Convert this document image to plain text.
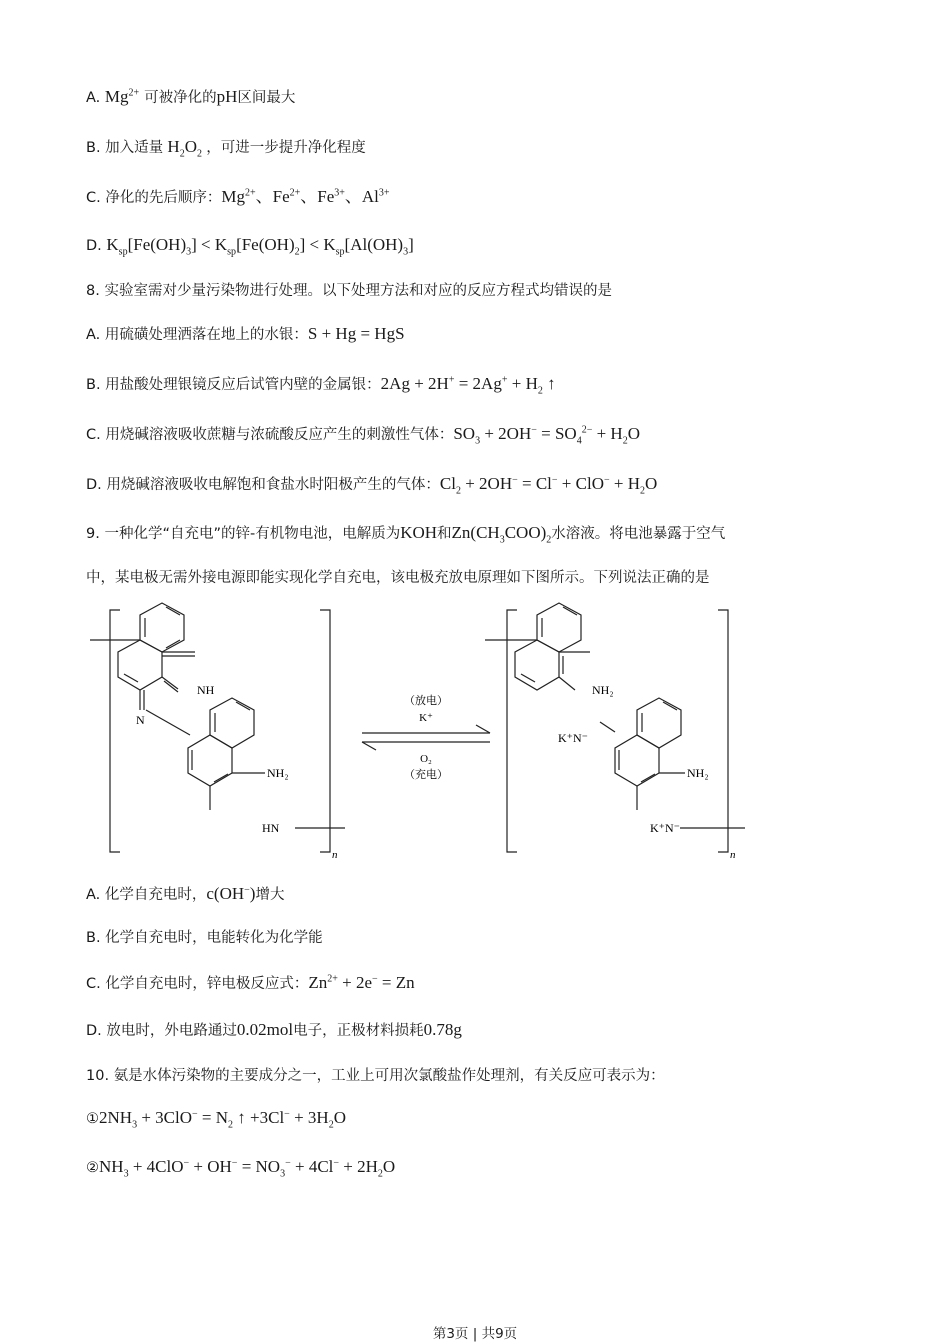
A. $Mg^{2+}$ 可被净化的pH区间最大
B. 加入适量 $H_2O_2$ ，可进一步提升净化程度
C. 净化的先后顺序：$Mg^{2+}$、$Fe^{2+}$、$Fe^{3+}$、$Al^{3+}$
D. $K_{sp}[Fe(OH)_3] < K_{sp}[Fe(OH)_2] < K_{sp}[Al(OH)_3]$
8. 实验室需对少量污染物进行处理。以下处理方法和对应的反应方程式均错误的是
A. 用硫磺处理洒落在地上的水银：S + Hg = HgS
B. 用盐酸处理银镜反应后试管内壁的金属银：$2Ag + 2H^+ = 2Ag^+ + H_2$ ↑
C. 用烧碱溶液吸收蔗糖与浓硫酸反应产生的刺激性气体：$SO_3 + 2OH^- = SO_4^{2-} + H_2O$
D. 用烧碱溶液吸收电解饱和食盐水时阳极产生的气体：$Cl_2 + 2OH^- = Cl^- + ClO^- + H_2O$
9. 一种化学“自充电”的锌-有机物电池，电解质为KOH和$Zn(CH_3COO)_2$水溶液。将电池暴露于空气
中，某电极无需外接电源即能实现化学自充电，该电极充放电原理如下图所示。下列说法正确的是
NH
N
NH₂
HN
n
（放电）
K⁺
O₂
（充电）
NH₂
K⁺N⁻
NH₂
K⁺N⁻
n
A. 化学自充电时，c(OH−)增大
B. 化学自充电时，电能转化为化学能
C. 化学自充电时，锌电极反应式：$Zn^{2+} + 2e^- = Zn$
D. 放电时，外电路通过0.02mol电子，正极材料损耗0.78g
10. 氨是水体污染物的主要成分之一，工业上可用次氯酸盐作处理剂，有关反应可表示为：
$①2NH_3 + 3ClO^- = N_2$ ↑ $+3Cl^- + 3H_2O$
$②NH_3 + 4ClO^- + OH^- = NO_3^- + 4Cl^- + 2H_2O$
第3页 | 共9页
